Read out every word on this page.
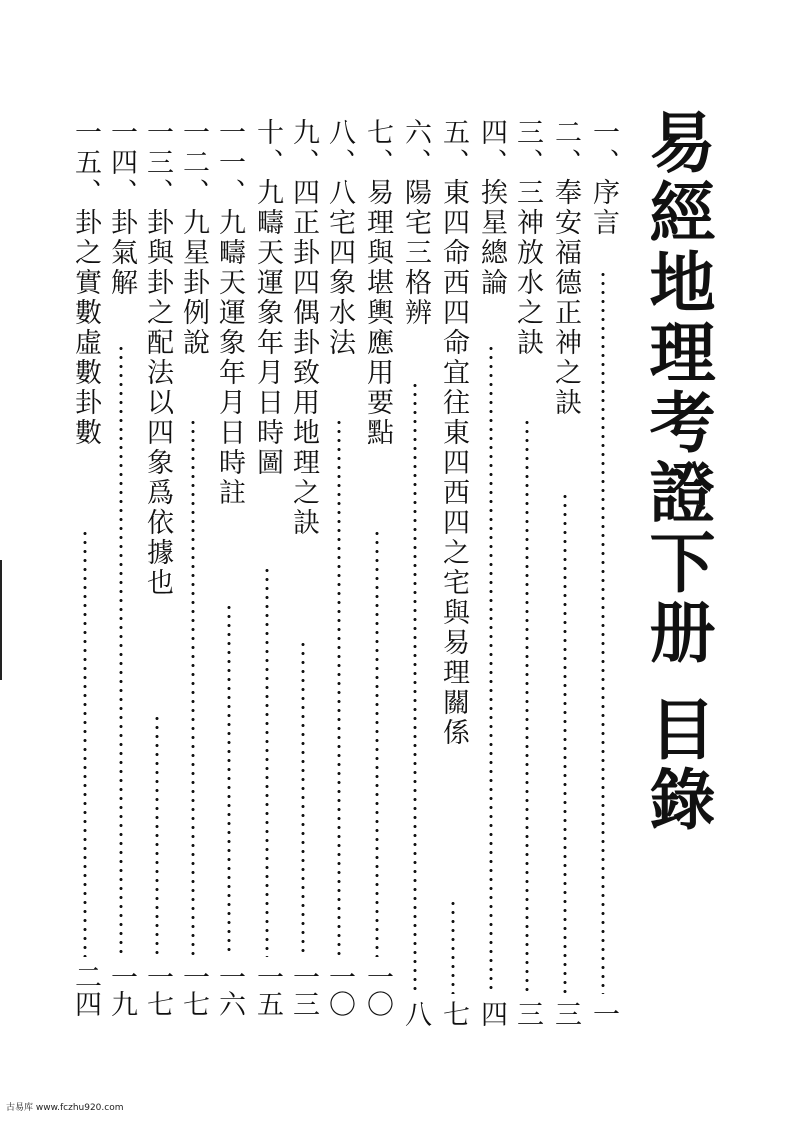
易經地理考證下册 目錄
一、序言
一
二、奉安福德正神之訣
三
三、三神放水之訣
三
四、挨星總論
四
五、東四命西四命宜往東四西四之宅與易理關係
七
六、陽宅三格辨
八
七、易理與堪輿應用要點
一〇
八、八宅四象水法
一〇
九、四正卦四偶卦致用地理之訣
一三
十、九疇天運象年月日時圖
一五
一一、九疇天運象年月日時註
一六
一二、九星卦例說
一七
一三、卦與卦之配法以四象爲依據也
一七
一四、卦氣解
一九
一五、卦之實數虛數卦數
二四
古易库 www.fczhu920.com
